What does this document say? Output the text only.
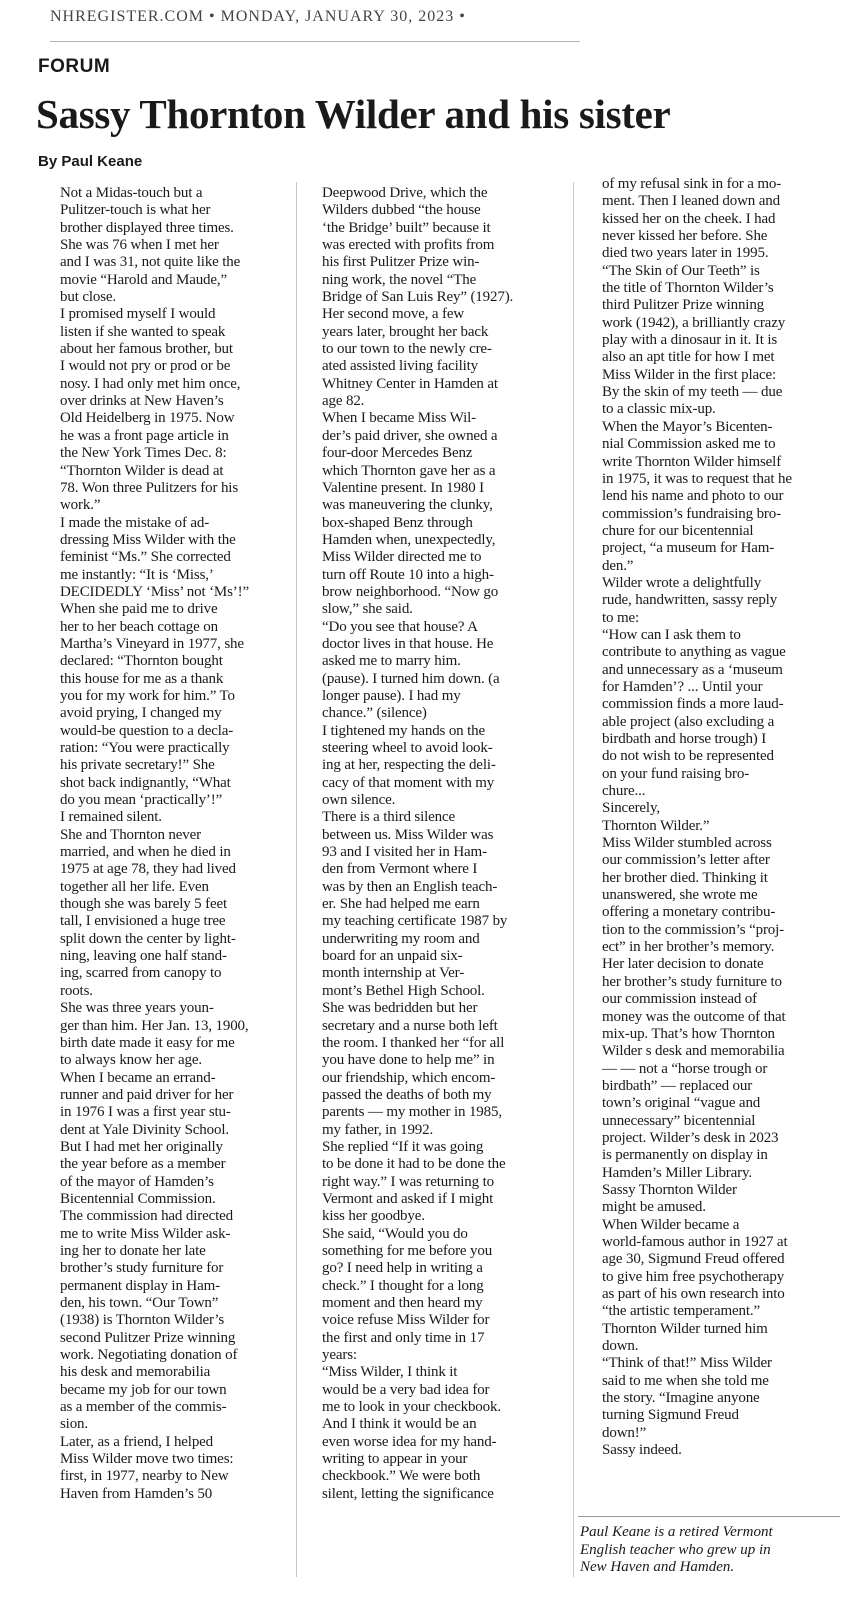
NHREGISTER.COM • MONDAY, JANUARY 30, 2023 •
FORUM
Sassy Thornton Wilder and his sister
By Paul Keane
Not a Midas-touch but a
Pulitzer-touch is what her
brother displayed three times.
She was 76 when I met her
and I was 31, not quite like the
movie “Harold and Maude,”
but close.
I promised myself I would
listen if she wanted to speak
about her famous brother, but
I would not pry or prod or be
nosy. I had only met him once,
over drinks at New Haven’s
Old Heidelberg in 1975. Now
he was a front page article in
the New York Times Dec. 8:
“Thornton Wilder is dead at
78. Won three Pulitzers for his
work.”
I made the mistake of ad-
dressing Miss Wilder with the
feminist “Ms.” She corrected
me instantly: “It is ‘Miss,’
DECIDEDLY ‘Miss’ not ‘Ms’!”
When she paid me to drive
her to her beach cottage on
Martha’s Vineyard in 1977, she
declared: “Thornton bought
this house for me as a thank
you for my work for him.” To
avoid prying, I changed my
would-be question to a decla-
ration: “You were practically
his private secretary!” She
shot back indignantly, “What
do you mean ‘practically’!”
I remained silent.
She and Thornton never
married, and when he died in
1975 at age 78, they had lived
together all her life. Even
though she was barely 5 feet
tall, I envisioned a huge tree
split down the center by light-
ning, leaving one half stand-
ing, scarred from canopy to
roots.
She was three years youn-
ger than him. Her Jan. 13, 1900,
birth date made it easy for me
to always know her age.
When I became an errand-
runner and paid driver for her
in 1976 I was a first year stu-
dent at Yale Divinity School.
But I had met her originally
the year before as a member
of the mayor of Hamden’s
Bicentennial Commission.
The commission had directed
me to write Miss Wilder ask-
ing her to donate her late
brother’s study furniture for
permanent display in Ham-
den, his town. “Our Town”
(1938) is Thornton Wilder’s
second Pulitzer Prize winning
work. Negotiating donation of
his desk and memorabilia
became my job for our town
as a member of the commis-
sion.
Later, as a friend, I helped
Miss Wilder move two times:
first, in 1977, nearby to New
Haven from Hamden’s 50
Deepwood Drive, which the
Wilders dubbed “the house
‘the Bridge’ built” because it
was erected with profits from
his first Pulitzer Prize win-
ning work, the novel “The
Bridge of San Luis Rey” (1927).
Her second move, a few
years later, brought her back
to our town to the newly cre-
ated assisted living facility
Whitney Center in Hamden at
age 82.
When I became Miss Wil-
der’s paid driver, she owned a
four-door Mercedes Benz
which Thornton gave her as a
Valentine present. In 1980 I
was maneuvering the clunky,
box-shaped Benz through
Hamden when, unexpectedly,
Miss Wilder directed me to
turn off Route 10 into a high-
brow neighborhood. “Now go
slow,” she said.
“Do you see that house? A
doctor lives in that house. He
asked me to marry him.
(pause). I turned him down. (a
longer pause). I had my
chance.” (silence)
I tightened my hands on the
steering wheel to avoid look-
ing at her, respecting the deli-
cacy of that moment with my
own silence.
There is a third silence
between us. Miss Wilder was
93 and I visited her in Ham-
den from Vermont where I
was by then an English teach-
er. She had helped me earn
my teaching certificate 1987 by
underwriting my room and
board for an unpaid six-
month internship at Ver-
mont’s Bethel High School.
She was bedridden but her
secretary and a nurse both left
the room. I thanked her “for all
you have done to help me” in
our friendship, which encom-
passed the deaths of both my
parents — my mother in 1985,
my father, in 1992.
She replied “If it was going
to be done it had to be done the
right way.” I was returning to
Vermont and asked if I might
kiss her goodbye.
She said, “Would you do
something for me before you
go? I need help in writing a
check.” I thought for a long
moment and then heard my
voice refuse Miss Wilder for
the first and only time in 17
years:
“Miss Wilder, I think it
would be a very bad idea for
me to look in your checkbook.
And I think it would be an
even worse idea for my hand-
writing to appear in your
checkbook.” We were both
silent, letting the significance
of my refusal sink in for a mo-
ment. Then I leaned down and
kissed her on the cheek. I had
never kissed her before. She
died two years later in 1995.
“The Skin of Our Teeth” is
the title of Thornton Wilder’s
third Pulitzer Prize winning
work (1942), a brilliantly crazy
play with a dinosaur in it. It is
also an apt title for how I met
Miss Wilder in the first place:
By the skin of my teeth — due
to a classic mix-up.
When the Mayor’s Bicenten-
nial Commission asked me to
write Thornton Wilder himself
in 1975, it was to request that he
lend his name and photo to our
commission’s fundraising bro-
chure for our bicentennial
project, “a museum for Ham-
den.”
Wilder wrote a delightfully
rude, handwritten, sassy reply
to me:
“How can I ask them to
contribute to anything as vague
and unnecessary as a ‘museum
for Hamden’? ... Until your
commission finds a more laud-
able project (also excluding a
birdbath and horse trough) I
do not wish to be represented
on your fund raising bro-
chure...
Sincerely,
Thornton Wilder.”
Miss Wilder stumbled across
our commission’s letter after
her brother died. Thinking it
unanswered, she wrote me
offering a monetary contribu-
tion to the commission’s “proj-
ect” in her brother’s memory.
Her later decision to donate
her brother’s study furniture to
our commission instead of
money was the outcome of that
mix-up. That’s how Thornton
Wilder s desk and memorabilia
— — not a “horse trough or
birdbath” — replaced our
town’s original “vague and
unnecessary” bicentennial
project. Wilder’s desk in 2023
is permanently on display in
Hamden’s Miller Library.
Sassy Thornton Wilder
might be amused.
When Wilder became a
world-famous author in 1927 at
age 30, Sigmund Freud offered
to give him free psychotherapy
as part of his own research into
“the artistic temperament.”
Thornton Wilder turned him
down.
“Think of that!” Miss Wilder
said to me when she told me
the story. “Imagine anyone
turning Sigmund Freud
down!”
Sassy indeed.
Paul Keane is a retired Vermont
English teacher who grew up in
New Haven and Hamden.
